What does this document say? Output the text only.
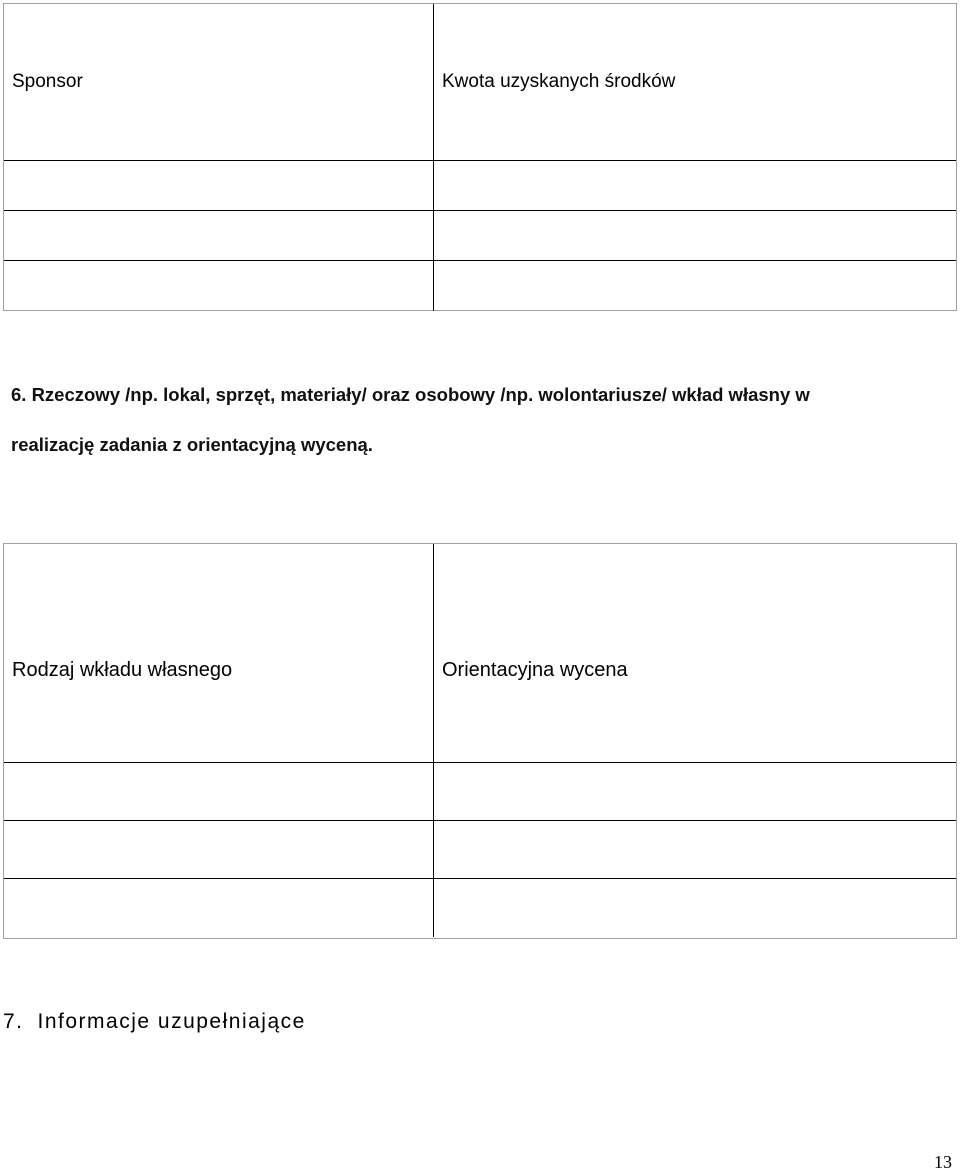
Sponsor	Kwota uzyskanych środków
6. Rzeczowy /np. lokal, sprzęt, materiały/ oraz osobowy /np. wolontariusze/ wkład własny w
realizację zadania z orientacyjną wyceną.
Rodzaj wkładu własnego	Orientacyjna wycena
7. Informacje uzupełniające
13
